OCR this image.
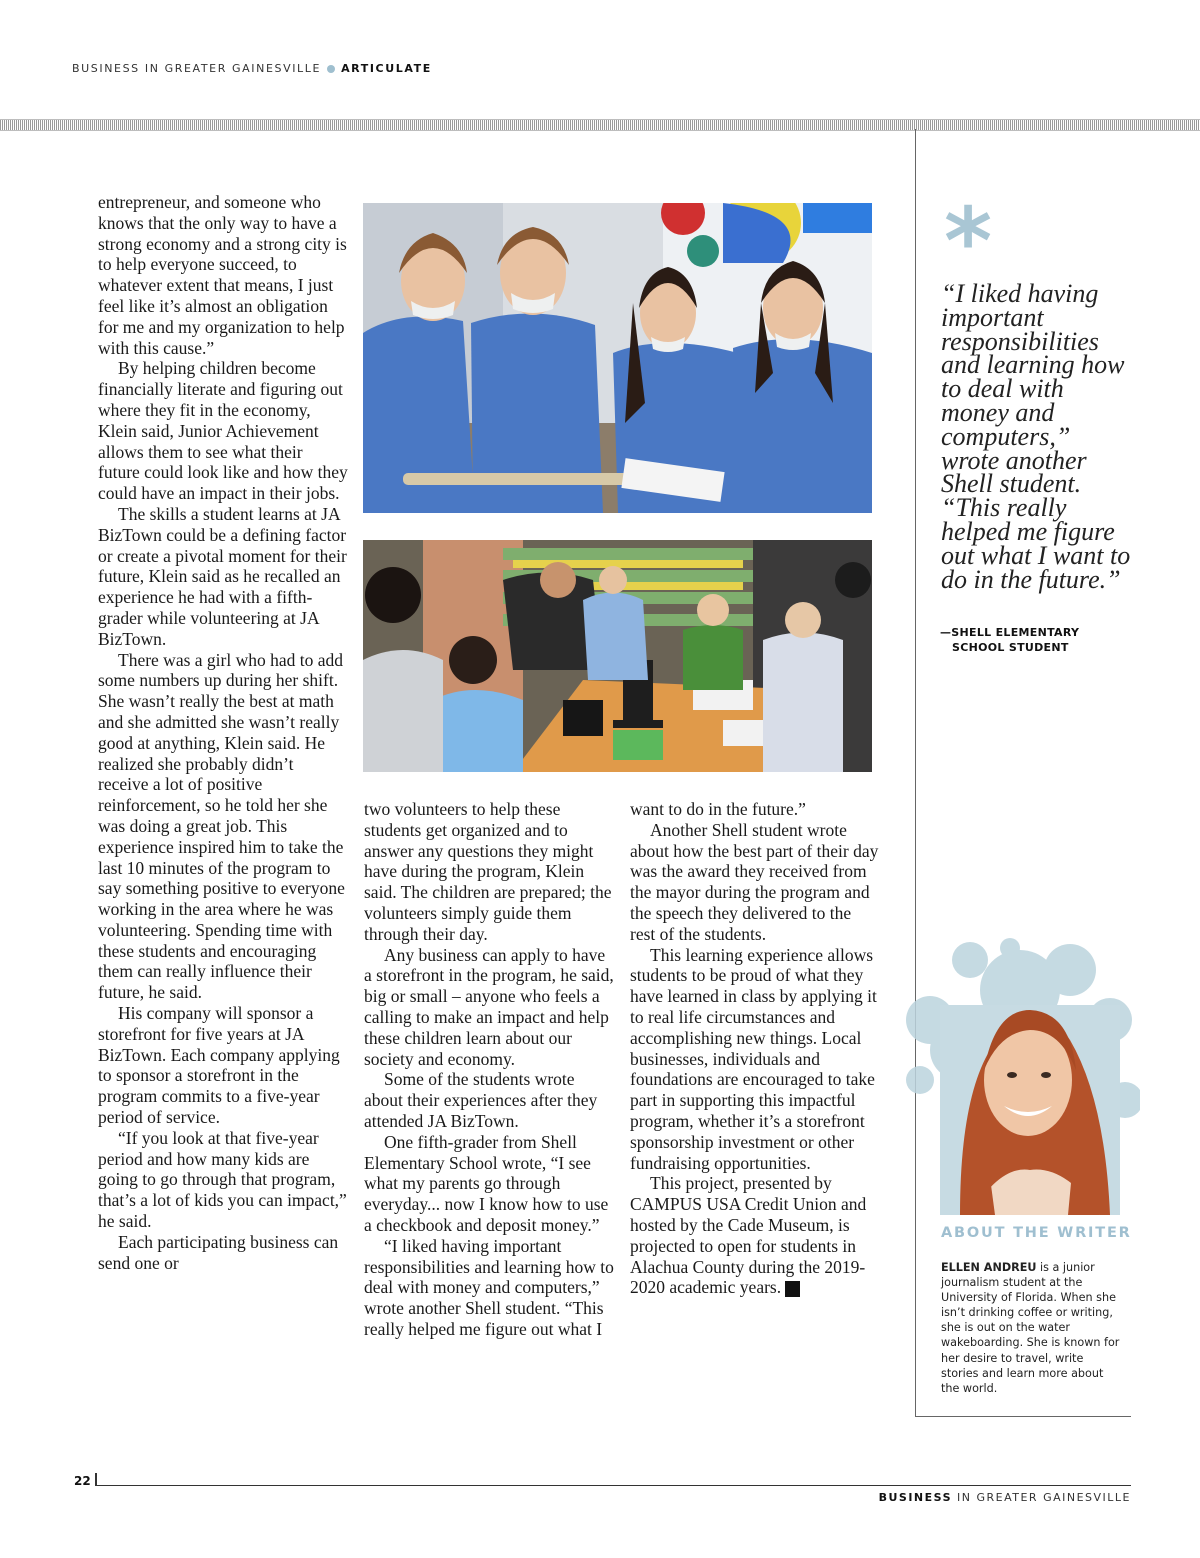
BUSINESS IN GREATER GAINESVILLE ARTICULATE

entrepreneur, and someone who knows that the only way to have a strong economy and a strong city is to help everyone succeed, to whatever extent that means, I just feel like it’s almost an obligation for me and my organization to help with this cause.”

By helping children become financially literate and figuring out where they fit in the economy, Klein said, Junior Achievement allows them to see what their future could look like and how they could have an impact in their jobs.

The skills a student learns at JA BizTown could be a defining factor or create a pivotal moment for their future, Klein said as he recalled an experience he had with a fifth-grader while volunteering at JA BizTown.

There was a girl who had to add some numbers up during her shift. She wasn’t really the best at math and she admitted she wasn’t really good at anything, Klein said. He realized she probably didn’t receive a lot of positive reinforcement, so he told her she was doing a great job. This experience inspired him to take the last 10 minutes of the program to say something positive to everyone working in the area where he was volunteering. Spending time with these students and encouraging them can really influence their future, he said.

His company will sponsor a storefront for five years at JA BizTown. Each company applying to sponsor a storefront in the program commits to a five-year period of service.

“If you look at that five-year period and how many kids are going to go through that program, that’s a lot of kids you can impact,” he said.

Each participating business can send one or

two volunteers to help these students get organized and to answer any questions they might have during the program, Klein said. The children are prepared; the volunteers simply guide them through their day.

Any business can apply to have a storefront in the program, he said, big or small – anyone who feels a calling to make an impact and help these children learn about our society and economy.

Some of the students wrote about their experiences after they attended JA BizTown.

One fifth-grader from Shell Elementary School wrote, “I see what my parents go through everyday... now I know how to use a checkbook and deposit money.”

“I liked having important responsibilities and learning how to deal with money and computers,” wrote another Shell student. “This really helped me figure out what I

want to do in the future.”

Another Shell student wrote about how the best part of their day was the award they received from the mayor during the program and the speech they delivered to the rest of the students.

This learning experience allows students to be proud of what they have learned in class by applying it to real life circumstances and accomplishing new things. Local businesses, individuals and foundations are encouraged to take part in supporting this impactful program, whether it’s a storefront sponsorship investment or other fundraising opportunities.

This project, presented by CAMPUS USA Credit Union and hosted by the Cade Museum, is projected to open for students in Alachua County during the 2019-2020 academic years. B

*
“I liked having important responsibilities and learning how to deal with money and computers,” wrote another Shell student. “This really helped me figure out what I want to do in the future.”
—SHELL ELEMENTARY
SCHOOL STUDENT
ABOUT THE WRITER
ELLEN ANDREU is a junior journalism student at the University of Florida. When she isn’t drinking coffee or writing, she is out on the water wakeboarding. She is known for her desire to travel, write stories and learn more about the world.
22
BUSINESS IN GREATER GAINESVILLE
